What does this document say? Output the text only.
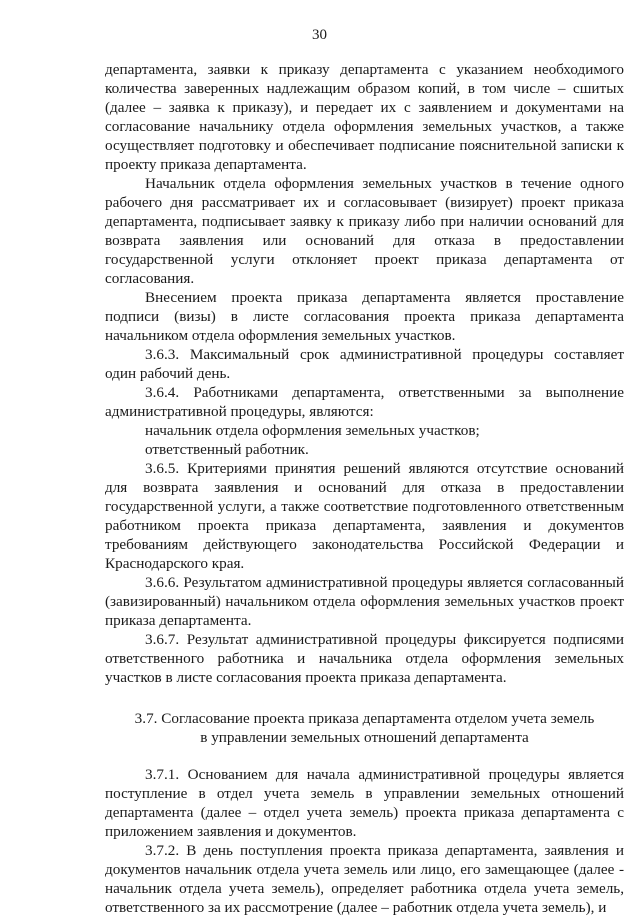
30

департамента, заявки к приказу департамента с указанием необходимого количества заверенных надлежащим образом копий, в том числе – сшитых (далее – заявка к приказу), и передает их с заявлением и документами на согласование начальнику отдела оформления земельных участков, а также осуществляет подготовку и обеспечивает подписание пояснительной записки к проекту приказа департамента.

Начальник отдела оформления земельных участков в течение одного рабочего дня рассматривает их и согласовывает (визирует) проект приказа департамента, подписывает заявку к приказу либо при наличии оснований для возврата заявления или оснований для отказа в предоставлении государственной услуги отклоняет проект приказа департамента от согласования.

Внесением проекта приказа департамента является проставление подписи (визы) в листе согласования проекта приказа департамента начальником отдела оформления земельных участков.

3.6.3. Максимальный срок административной процедуры составляет один рабочий день.

3.6.4. Работниками департамента, ответственными за выполнение административной процедуры, являются:

начальник отдела оформления земельных участков;

ответственный работник.

3.6.5. Критериями принятия решений являются отсутствие оснований для возврата заявления и оснований для отказа в предоставлении государственной услуги, а также соответствие подготовленного ответственным работником проекта приказа департамента, заявления и документов требованиям действующего законодательства Российской Федерации и Краснодарского края.

3.6.6. Результатом административной процедуры является согласованный (завизированный) начальником отдела оформления земельных участков проект приказа департамента.

3.6.7. Результат административной процедуры фиксируется подписями ответственного работника и начальника отдела оформления земельных участков в листе согласования проекта приказа департамента.

3.7. Согласование проекта приказа департамента отделом учета земель в управлении земельных отношений департамента

3.7.1. Основанием для начала административной процедуры является поступление в отдел учета земель в управлении земельных отношений департамента (далее – отдел учета земель) проекта приказа департамента с приложением заявления и документов.

3.7.2. В день поступления проекта приказа департамента, заявления и документов начальник отдела учета земель или лицо, его замещающее (далее - начальник отдела учета земель), определяет работника отдела учета земель, ответственного за их рассмотрение (далее – работник отдела учета земель), и
